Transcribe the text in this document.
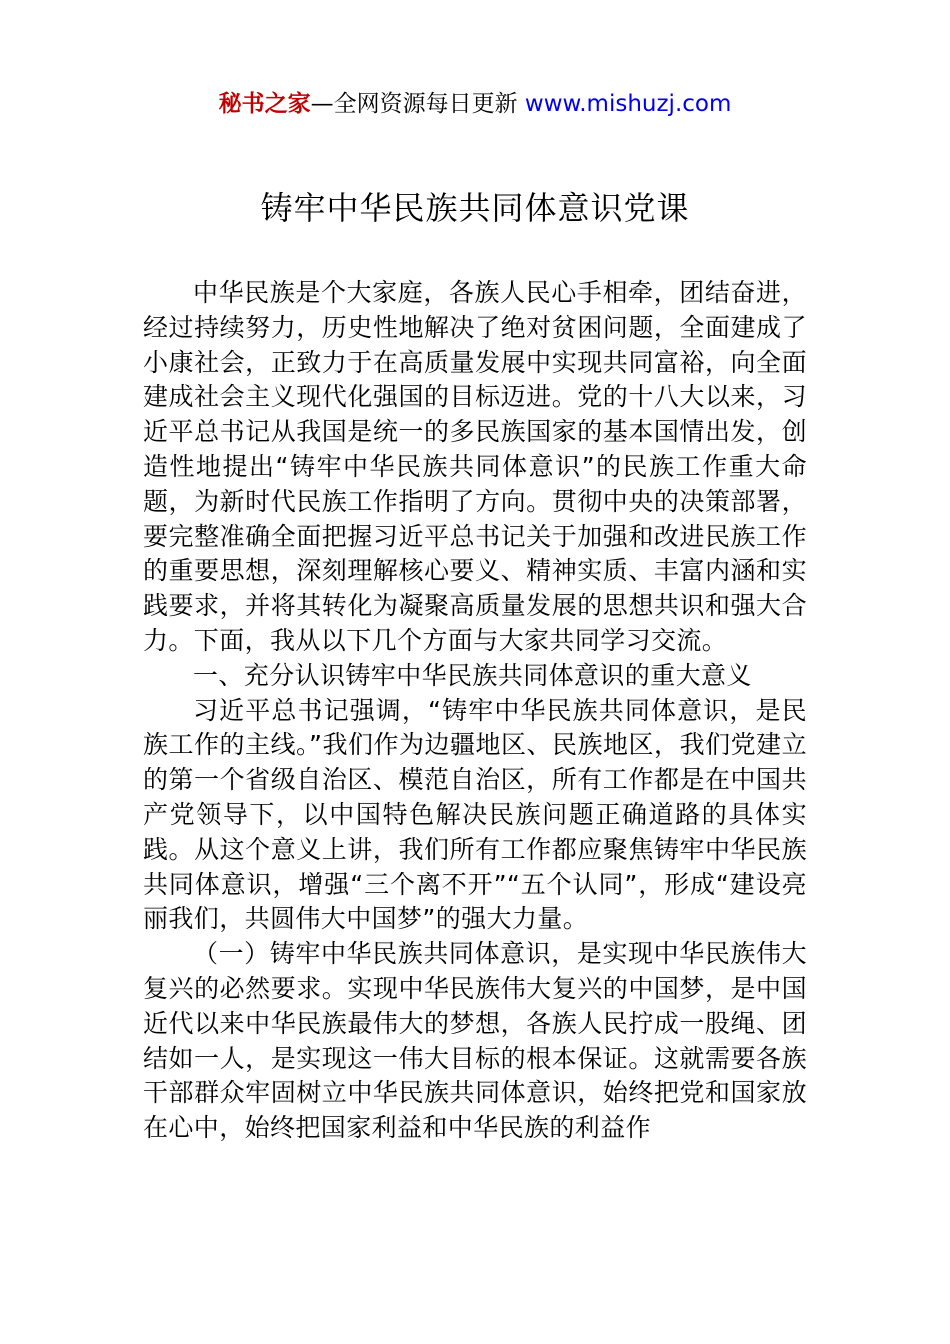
秘书之家—全网资源每日更新 www.mishuzj.com
铸牢中华民族共同体意识党课

中华民族是个大家庭，各族人民心手相牵，团结奋进，经过持续努力，历史性地解决了绝对贫困问题，全面建成了小康社会，正致力于在高质量发展中实现共同富裕，向全面建成社会主义现代化强国的目标迈进。党的十八大以来，习近平总书记从我国是统一的多民族国家的基本国情出发，创造性地提出“铸牢中华民族共同体意识”的民族工作重大命题，为新时代民族工作指明了方向。贯彻中央的决策部署，要完整准确全面把握习近平总书记关于加强和改进民族工作的重要思想，深刻理解核心要义、精神实质、丰富内涵和实践要求，并将其转化为凝聚高质量发展的思想共识和强大合力。下面，我从以下几个方面与大家共同学习交流。

一、充分认识铸牢中华民族共同体意识的重大意义

习近平总书记强调，“铸牢中华民族共同体意识，是民族工作的主线。”我们作为边疆地区、民族地区，我们党建立的第一个省级自治区、模范自治区，所有工作都是在中国共产党领导下，以中国特色解决民族问题正确道路的具体实践。从这个意义上讲，我们所有工作都应聚焦铸牢中华民族共同体意识，增强“三个离不开”“五个认同”，形成“建设亮丽我们，共圆伟大中国梦”的强大力量。

（一）铸牢中华民族共同体意识，是实现中华民族伟大复兴的必然要求。实现中华民族伟大复兴的中国梦，是中国近代以来中华民族最伟大的梦想，各族人民拧成一股绳、团结如一人，是实现这一伟大目标的根本保证。这就需要各族干部群众牢固树立中华民族共同体意识，始终把党和国家放在心中，始终把国家利益和中华民族的利益作
